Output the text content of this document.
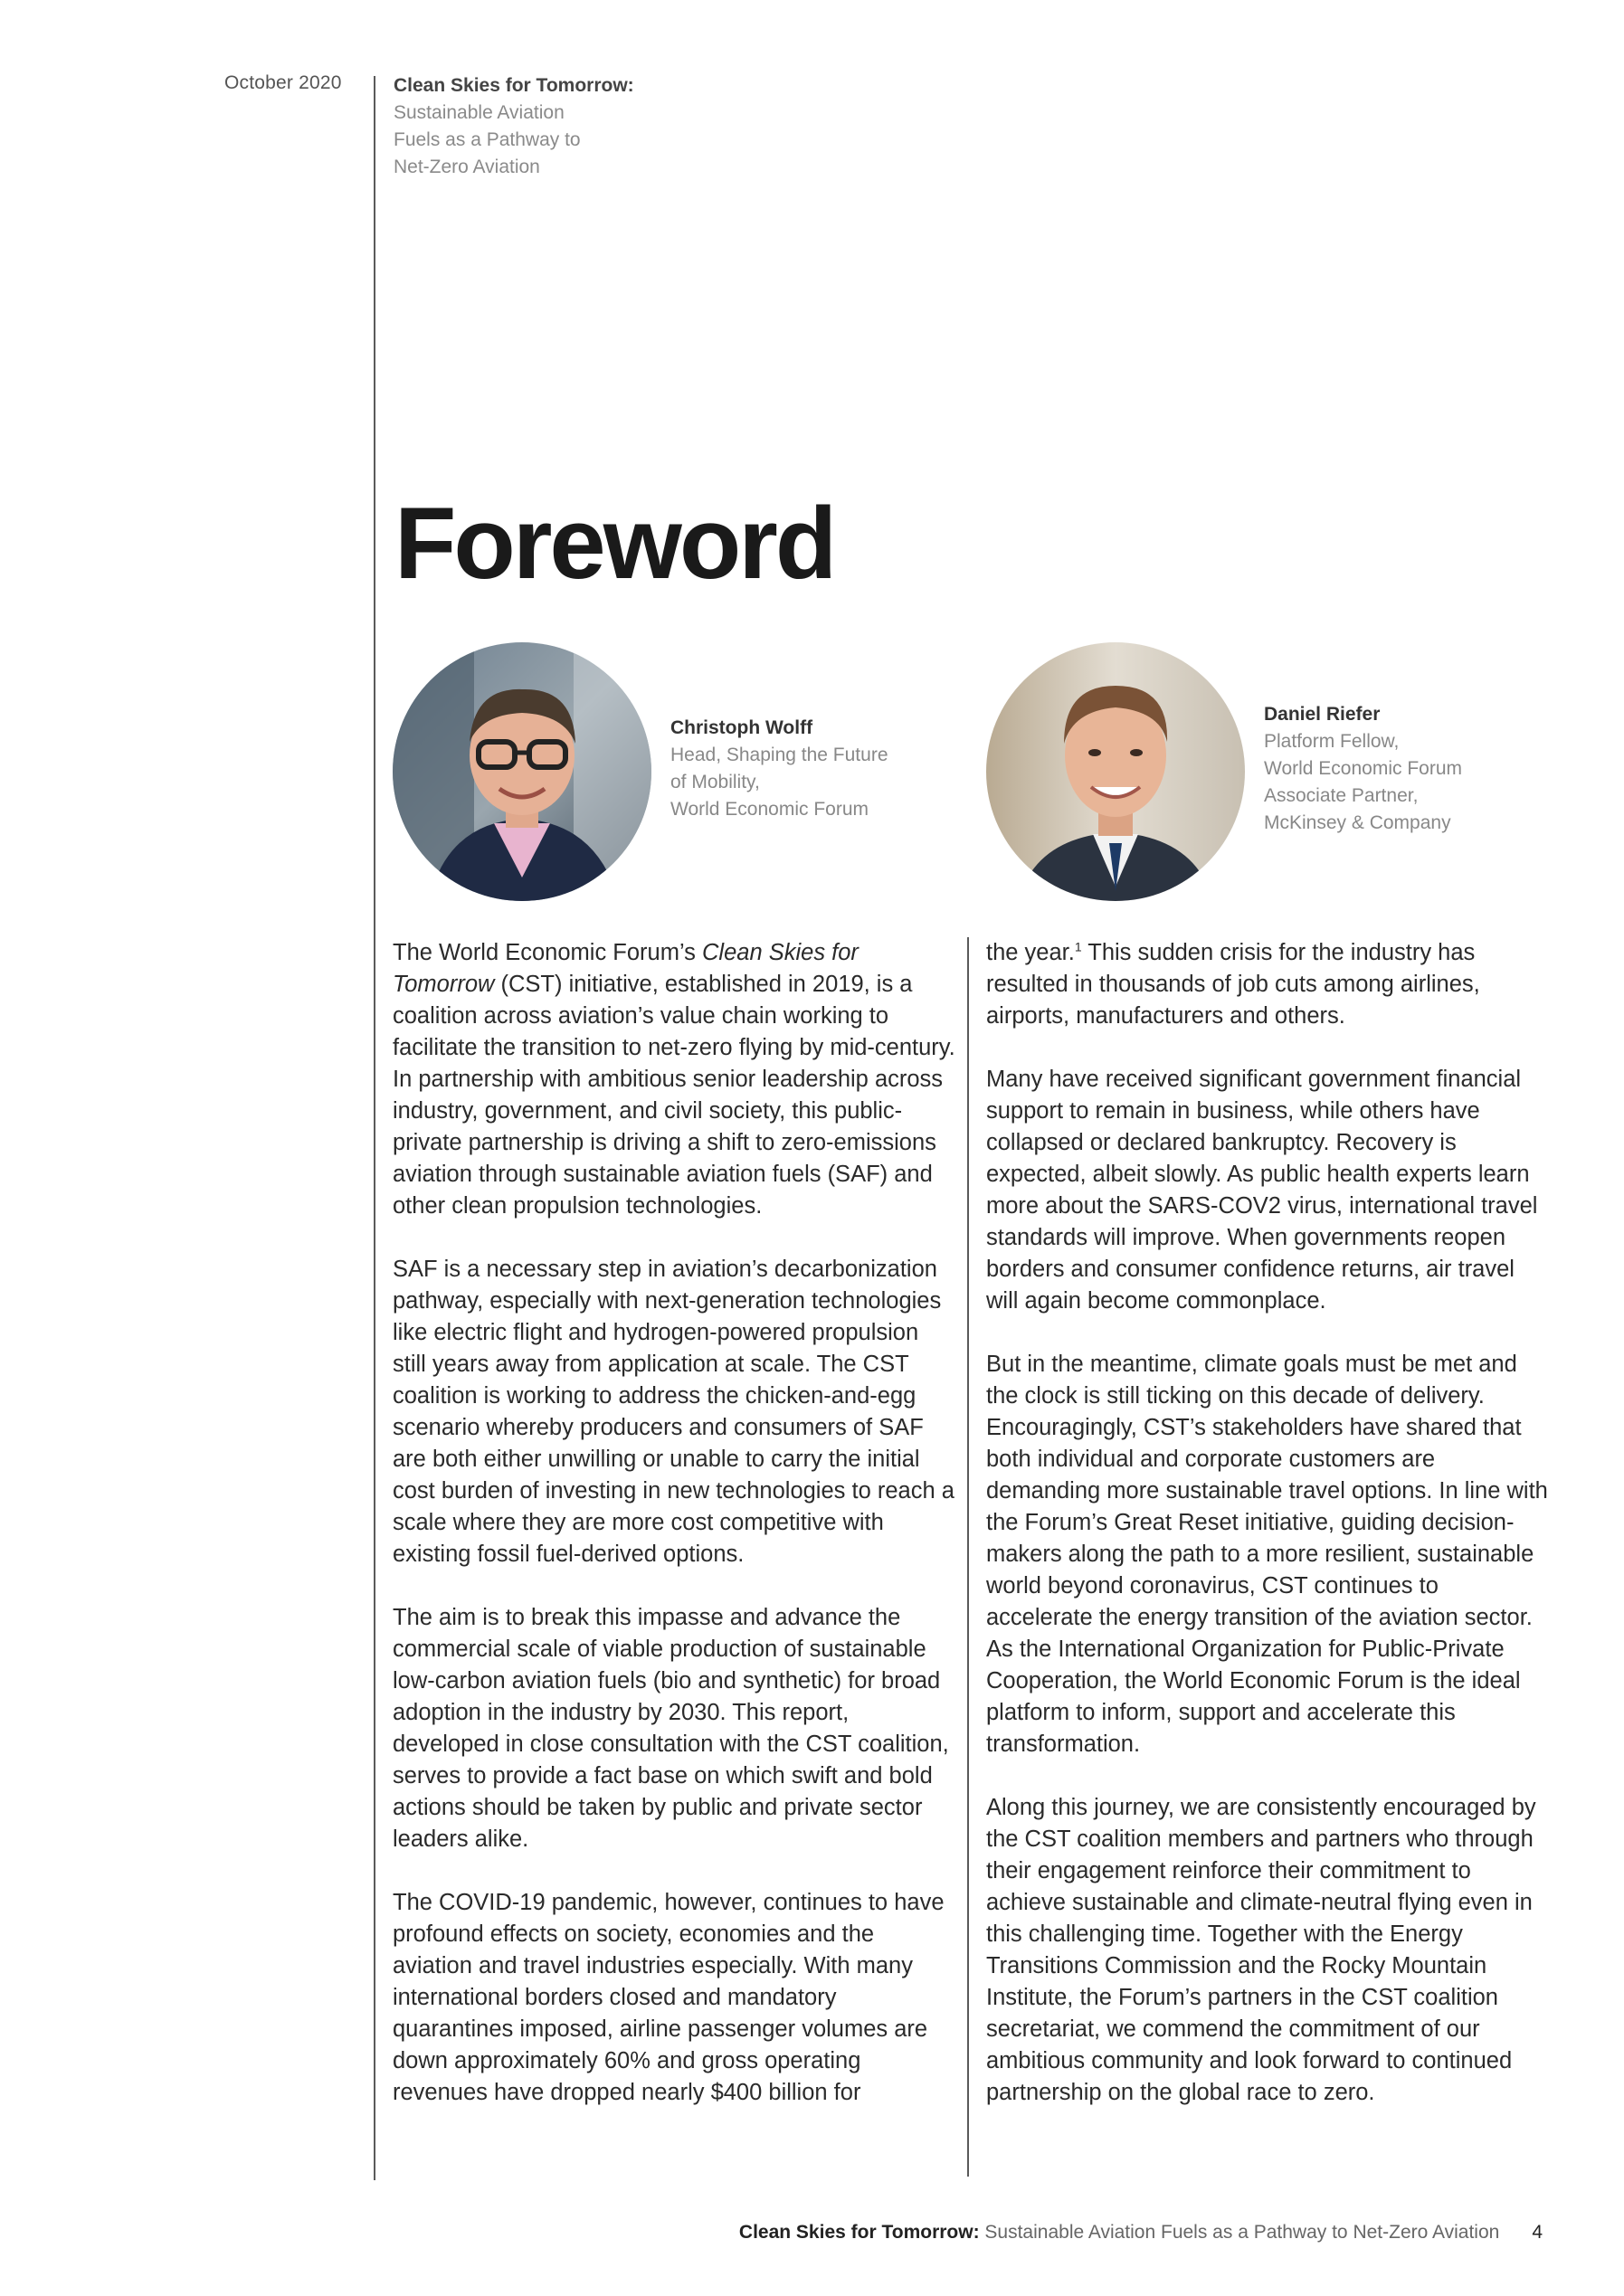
October 2020	Clean Skies for Tomorrow:
Sustainable Aviation
Fuels as a Pathway to
Net-Zero Aviation
Foreword
Christoph Wolff
Head, Shaping the Future
of Mobility,
World Economic Forum
Daniel Riefer
Platform Fellow,
World Economic Forum
Associate Partner,
McKinsey & Company

The World Economic Forum’s Clean Skies for Tomorrow (CST) initiative, established in 2019, is a coalition across aviation’s value chain working to facilitate the transition to net-zero flying by mid-century. In partnership with ambitious senior leadership across industry, government, and civil society, this public-private partnership is driving a shift to zero-emissions aviation through sustainable aviation fuels (SAF) and other clean propulsion technologies.

SAF is a necessary step in aviation’s decarbonization pathway, especially with next-generation technologies like electric flight and hydrogen-powered propulsion still years away from application at scale. The CST coalition is working to address the chicken-and-egg scenario whereby producers and consumers of SAF are both either unwilling or unable to carry the initial cost burden of investing in new technologies to reach a scale where they are more cost competitive with existing fossil fuel-derived options.

The aim is to break this impasse and advance the commercial scale of viable production of sustainable low-carbon aviation fuels (bio and synthetic) for broad adoption in the industry by 2030. This report, developed in close consultation with the CST coalition, serves to provide a fact base on which swift and bold actions should be taken by public and private sector leaders alike.

The COVID-19 pandemic, however, continues to have profound effects on society, economies and the aviation and travel industries especially. With many international borders closed and mandatory quarantines imposed, airline passenger volumes are down approximately 60% and gross operating revenues have dropped nearly $400 billion for

the year.$^1$ This sudden crisis for the industry has resulted in thousands of job cuts among airlines, airports, manufacturers and others.

Many have received significant government financial support to remain in business, while others have collapsed or declared bankruptcy. Recovery is expected, albeit slowly. As public health experts learn more about the SARS-COV2 virus, international travel standards will improve. When governments reopen borders and consumer confidence returns, air travel will again become commonplace.

But in the meantime, climate goals must be met and the clock is still ticking on this decade of delivery. Encouragingly, CST’s stakeholders have shared that both individual and corporate customers are demanding more sustainable travel options. In line with the Forum’s Great Reset initiative, guiding decision-makers along the path to a more resilient, sustainable world beyond coronavirus, CST continues to accelerate the energy transition of the aviation sector. As the International Organization for Public-Private Cooperation, the World Economic Forum is the ideal platform to inform, support and accelerate this transformation.

Along this journey, we are consistently encouraged by the CST coalition members and partners who through their engagement reinforce their commitment to achieve sustainable and climate-neutral flying even in this challenging time. Together with the Energy Transitions Commission and the Rocky Mountain Institute, the Forum’s partners in the CST coalition secretariat, we commend the commitment of our ambitious community and look forward to continued partnership on the global race to zero.

Clean Skies for Tomorrow: Sustainable Aviation Fuels as a Pathway to Net-Zero Aviation 4
